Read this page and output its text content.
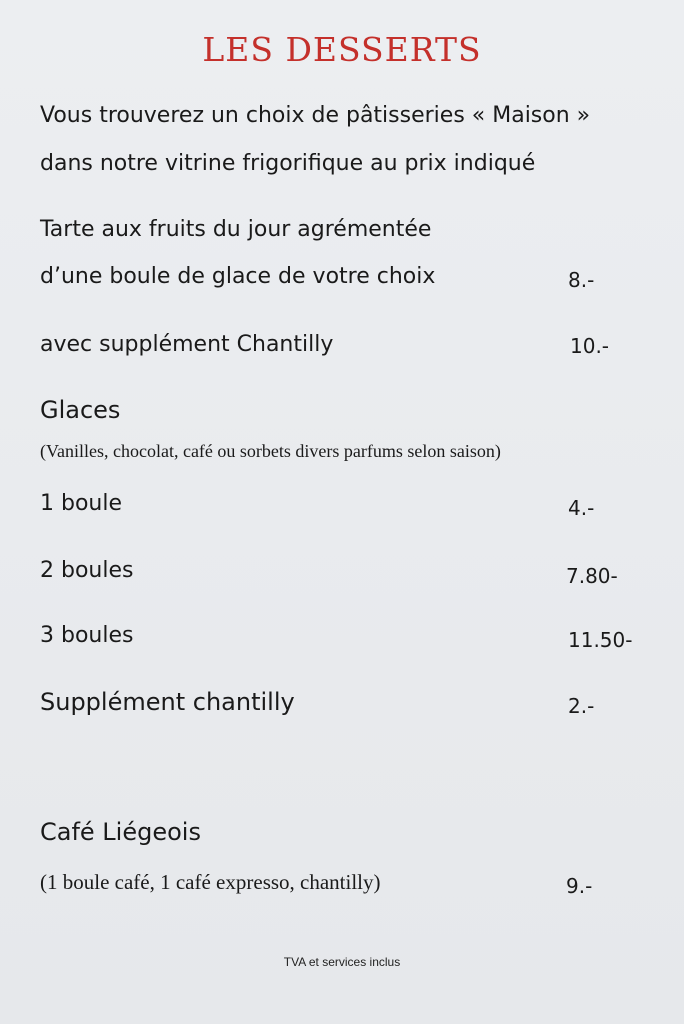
LES DESSERTS
Vous trouverez un choix de pâtisseries « Maison »
dans notre vitrine frigorifique au prix indiqué
Tarte aux fruits du jour agrémentée
d’une boule de glace de votre choix	8.-
avec supplément Chantilly	10.-
Glaces
(Vanilles, chocolat, café ou sorbets divers parfums selon saison)
1 boule	4.-
2 boules	7.80-
3 boules	11.50-
Supplément chantilly	2.-
Café Liégeois
(1 boule café, 1 café expresso, chantilly)	9.-
TVA et services inclus
